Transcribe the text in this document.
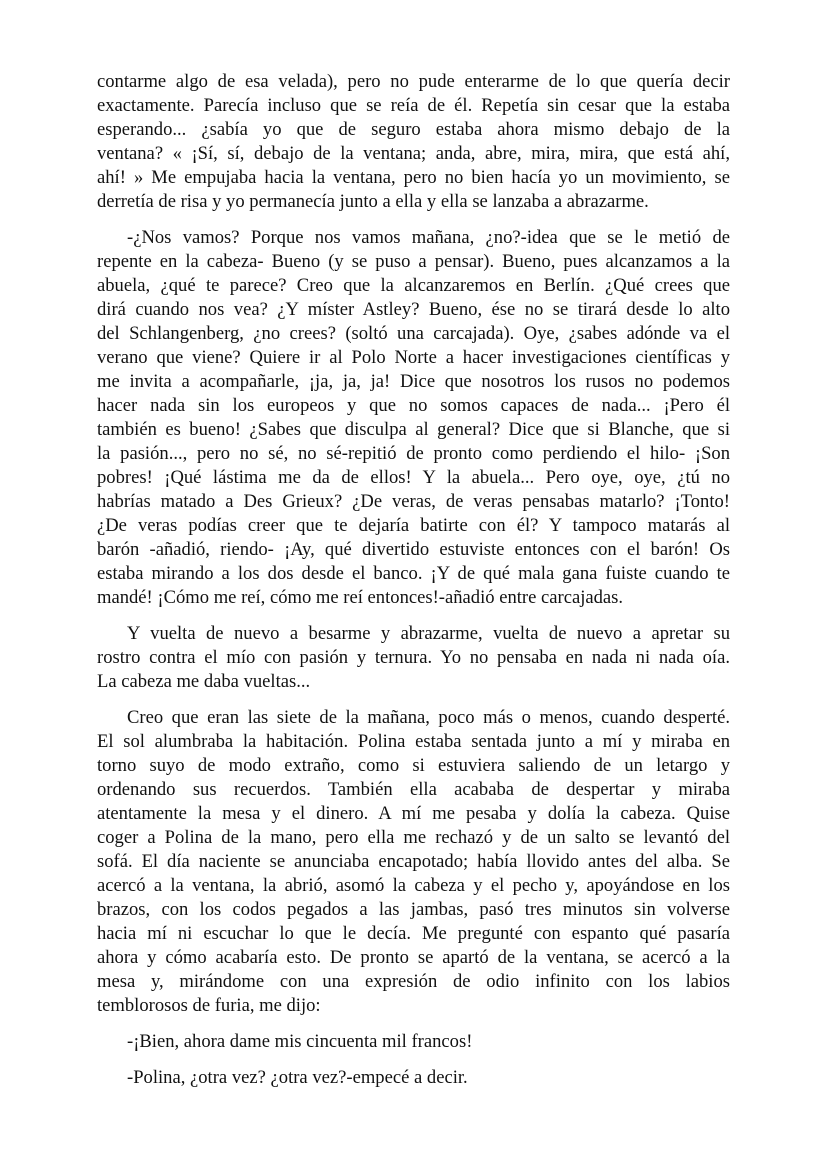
contarme algo de esa velada), pero no pude enterarme de lo que quería decir
exactamente. Parecía incluso que se reía de él. Repetía sin cesar que la estaba
esperando... ¿sabía yo que de seguro estaba ahora mismo debajo de la
ventana? « ¡Sí, sí, debajo de la ventana; anda, abre, mira, mira, que está ahí,
ahí! » Me empujaba hacia la ventana, pero no bien hacía yo un movimiento, se
derretía de risa y yo permanecía junto a ella y ella se lanzaba a abrazarme.
-¿Nos vamos? Porque nos vamos mañana, ¿no?-idea que se le metió de
repente en la cabeza- Bueno (y se puso a pensar). Bueno, pues alcanzamos a la
abuela, ¿qué te parece? Creo que la alcanzaremos en Berlín. ¿Qué crees que
dirá cuando nos vea? ¿Y míster Astley? Bueno, ése no se tirará desde lo alto
del Schlangenberg, ¿no crees? (soltó una carcajada). Oye, ¿sabes adónde va el
verano que viene? Quiere ir al Polo Norte a hacer investigaciones científicas y
me invita a acompañarle, ¡ja, ja, ja! Dice que nosotros los rusos no podemos
hacer nada sin los europeos y que no somos capaces de nada... ¡Pero él
también es bueno! ¿Sabes que disculpa al general? Dice que si Blanche, que si
la pasión..., pero no sé, no sé-repitió de pronto como perdiendo el hilo- ¡Son
pobres! ¡Qué lástima me da de ellos! Y la abuela... Pero oye, oye, ¿tú no
habrías matado a Des Grieux? ¿De veras, de veras pensabas matarlo? ¡Tonto!
¿De veras podías creer que te dejaría batirte con él? Y tampoco matarás al
barón -añadió, riendo- ¡Ay, qué divertido estuviste entonces con el barón! Os
estaba mirando a los dos desde el banco. ¡Y de qué mala gana fuiste cuando te
mandé! ¡Cómo me reí, cómo me reí entonces!-añadió entre carcajadas.
Y vuelta de nuevo a besarme y abrazarme, vuelta de nuevo a apretar su
rostro contra el mío con pasión y ternura. Yo no pensaba en nada ni nada oía.
La cabeza me daba vueltas...
Creo que eran las siete de la mañana, poco más o menos, cuando desperté.
El sol alumbraba la habitación. Polina estaba sentada junto a mí y miraba en
torno suyo de modo extraño, como si estuviera saliendo de un letargo y
ordenando sus recuerdos. También ella acababa de despertar y miraba
atentamente la mesa y el dinero. A mí me pesaba y dolía la cabeza. Quise
coger a Polina de la mano, pero ella me rechazó y de un salto se levantó del
sofá. El día naciente se anunciaba encapotado; había llovido antes del alba. Se
acercó a la ventana, la abrió, asomó la cabeza y el pecho y, apoyándose en los
brazos, con los codos pegados a las jambas, pasó tres minutos sin volverse
hacia mí ni escuchar lo que le decía. Me pregunté con espanto qué pasaría
ahora y cómo acabaría esto. De pronto se apartó de la ventana, se acercó a la
mesa y, mirándome con una expresión de odio infinito con los labios
temblorosos de furia, me dijo:
-¡Bien, ahora dame mis cincuenta mil francos!
-Polina, ¿otra vez? ¿otra vez?-empecé a decir.
